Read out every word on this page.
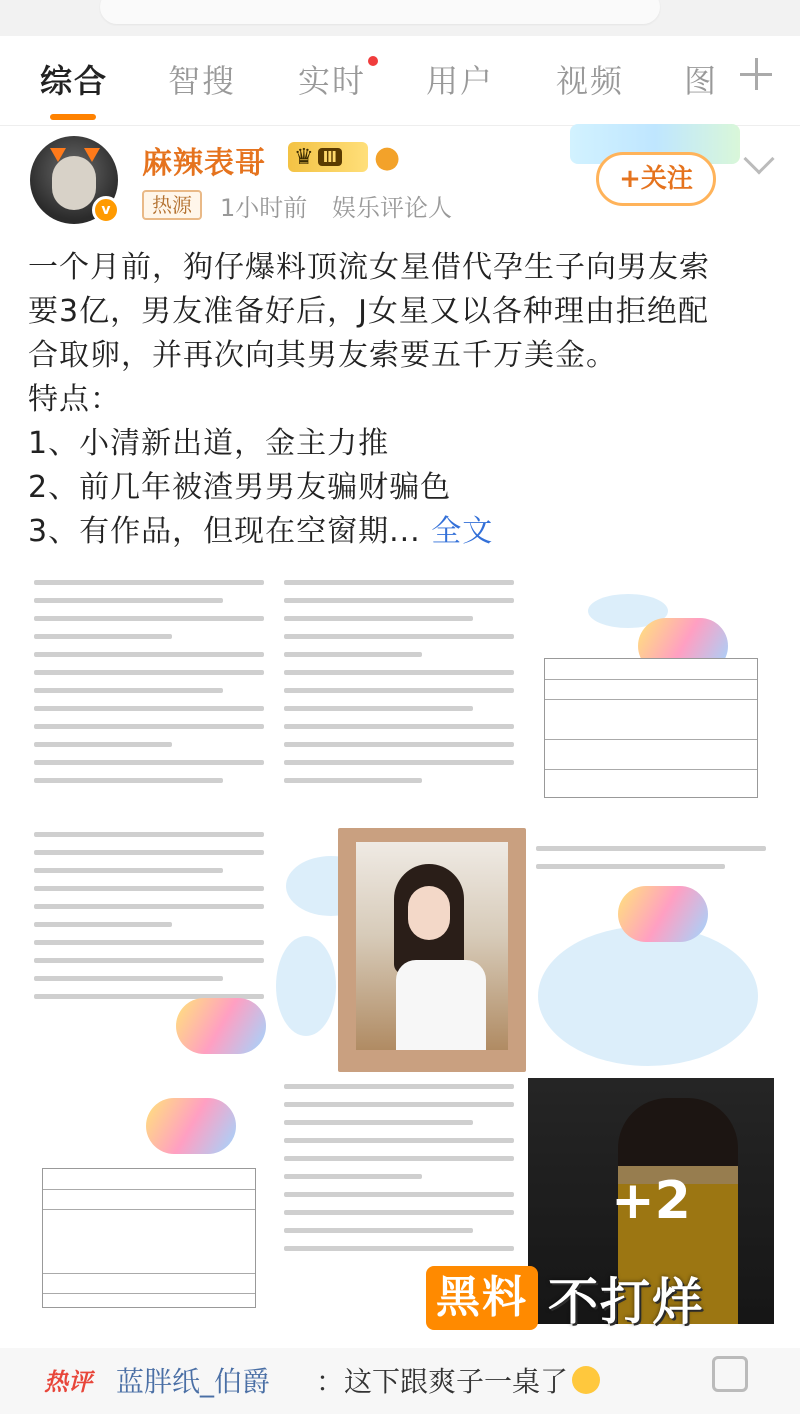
综合 智搜 实时 用户 视频 图
v
麻辣表哥 ♛ Ⅲ ●
热源	1小时前 娱乐评论人
+关注

一个月前，狗仔爆料顶流女星借代孕生子向男友索

要3亿，男友准备好后，J女星又以各种理由拒绝配

合取卵，并再次向其男友索要五千万美金。

特点：

1、小清新出道，金主力推

2、前几年被渣男男友骗财骗色

3、有作品，但现在空窗期... 全文

+2
黑料 不打烊
热评 蓝胖纸_伯爵 ：这下跟爽子一桌了
